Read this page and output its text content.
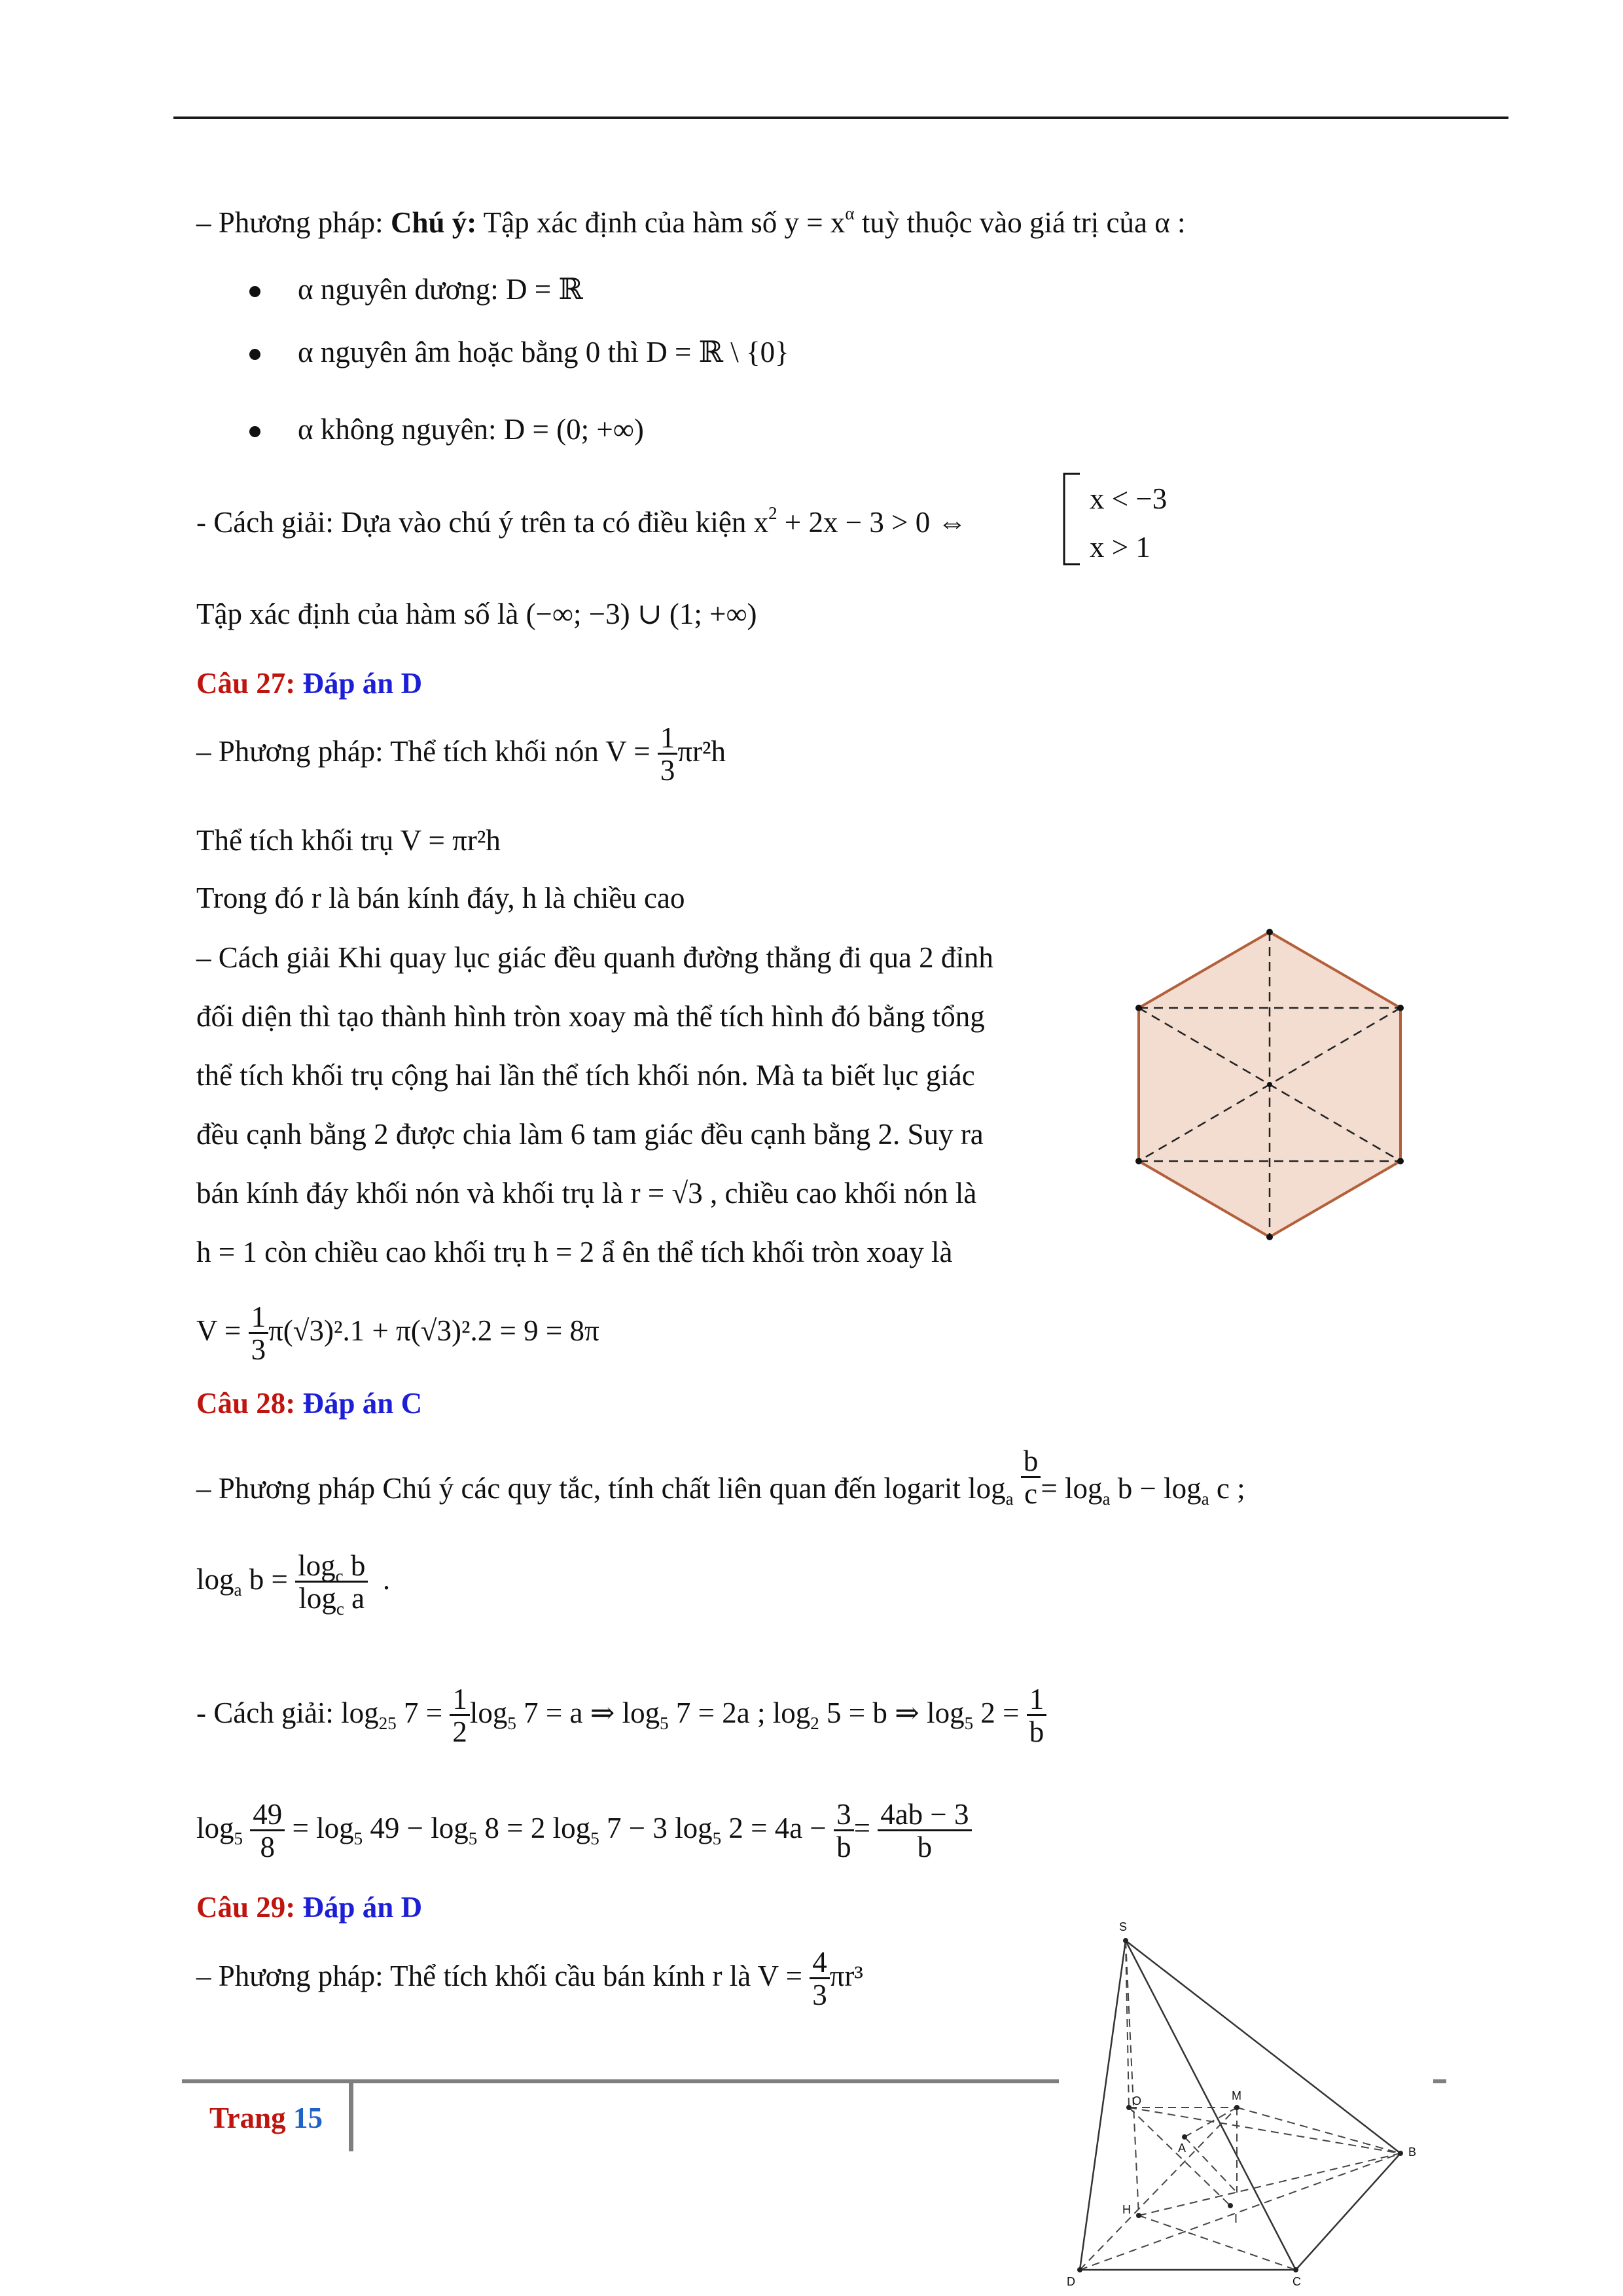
– Phương pháp: Chú ý: Tập xác định của hàm số $y = x^\alpha$ tuỳ thuộc vào giá trị của α :
α nguyên dương: D = ℝ
α nguyên âm hoặc bằng 0 thì D = ℝ \ {0}
α không nguyên: D = (0; +∞)
- Cách giải: Dựa vào chú ý trên ta có điều kiện $x^2 + 2x - 3 > 0$ ⇔
x < −3
x > 1
Tập xác định của hàm số là (−∞; −3) ∪ (1; +∞)
Câu 27: Đáp án D
– Phương pháp: Thể tích khối nón $V = \frac{1}{3} \pi r^2h$
Thể tích khối trụ V = πr²h
Trong đó r là bán kính đáy, h là chiều cao
– Cách giải Khi quay lục giác đều quanh đường thẳng đi qua 2 đỉnh
đối diện thì tạo thành hình tròn xoay mà thể tích hình đó bằng tổng
thể tích khối trụ cộng hai lần thể tích khối nón. Mà ta biết lục giác
đều cạnh bằng 2 được chia làm 6 tam giác đều cạnh bằng 2. Suy ra
bán kính đáy khối nón và khối trụ là r = √3 , chiều cao khối nón là
h = 1 còn chiều cao khối trụ h = 2 ẩ ên thể tích khối tròn xoay là
$V = \frac{1}{3} \pi(√3)^2.1 + \pi(√3)^2.2 = 9 = 8\pi$
Câu 28: Đáp án C
– Phương pháp Chú ý các quy tắc, tính chất liên quan đến logarit $\log_a \frac{b}{c} = \log_a b - \log_a c$ ;
$\log_a b = \frac{\log_c b}{\log_c a}$ .
- Cách giải: $\log_{25} 7 = \frac{1}{2} \log_5 7 = a$ ⇒ $\log_5 7 = 2a$ ; $\log_2 5 = b$ ⇒ $\log_5 2 = \frac{1}{b}$
$\log_5 \frac{49}{8} = \log_5 49 - \log_5 8 = 2$ $\log_5 7 - 3$ $\log_5 2 = 4a - \frac{3}{b} = \frac{4ab - 3}{b}$
Câu 29: Đáp án D
– Phương pháp: Thể tích khối cầu bán kính r là $V = \frac{4}{3} \pi r^3$
S
O	M
A	B
H
I
D	C
Trang 15
